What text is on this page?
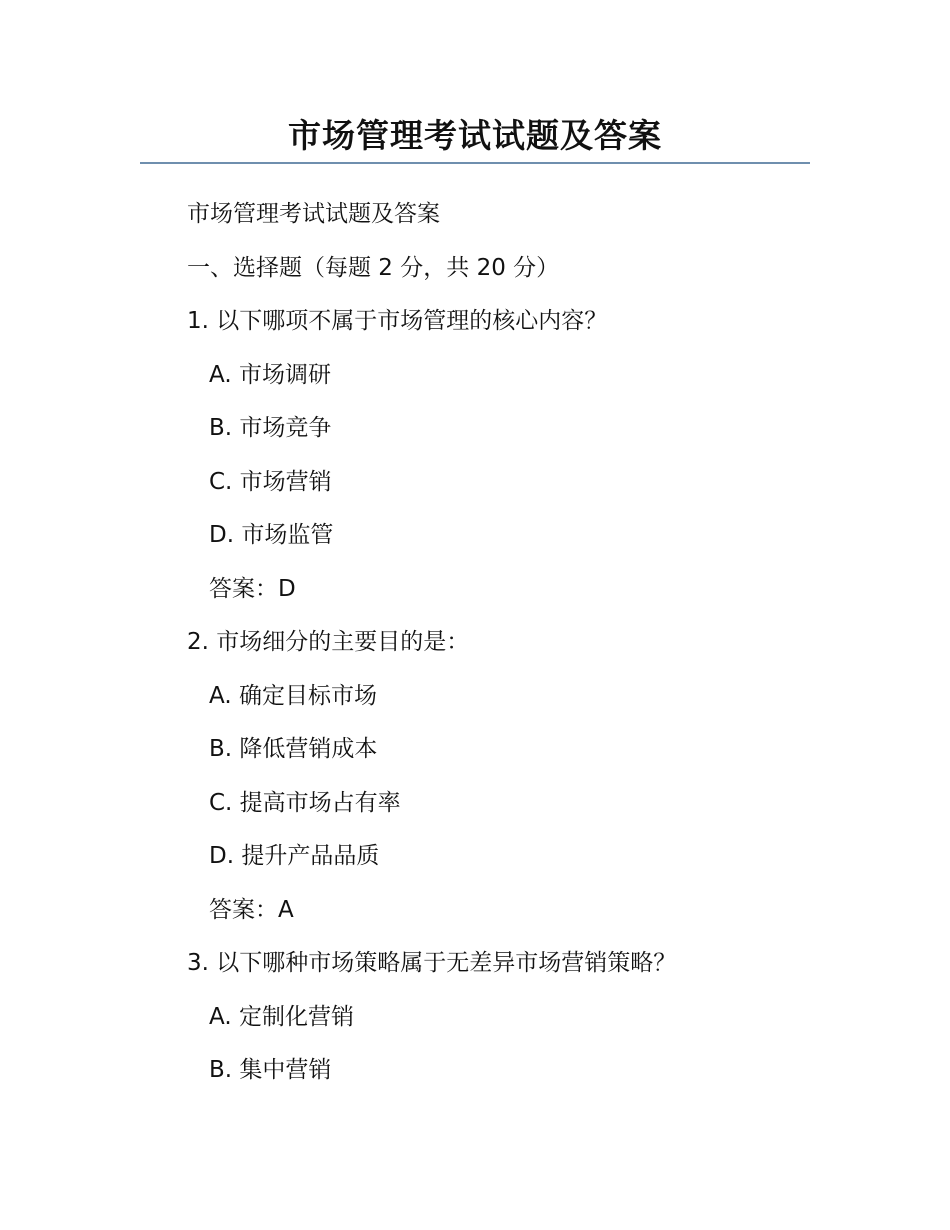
市场管理考试试题及答案
市场管理考试试题及答案
一、选择题（每题 2 分，共 20 分）
1. 以下哪项不属于市场管理的核心内容？
A. 市场调研
B. 市场竞争
C. 市场营销
D. 市场监管
答案：D
2. 市场细分的主要目的是：
A. 确定目标市场
B. 降低营销成本
C. 提高市场占有率
D. 提升产品品质
答案：A
3. 以下哪种市场策略属于无差异市场营销策略？
A. 定制化营销
B. 集中营销
